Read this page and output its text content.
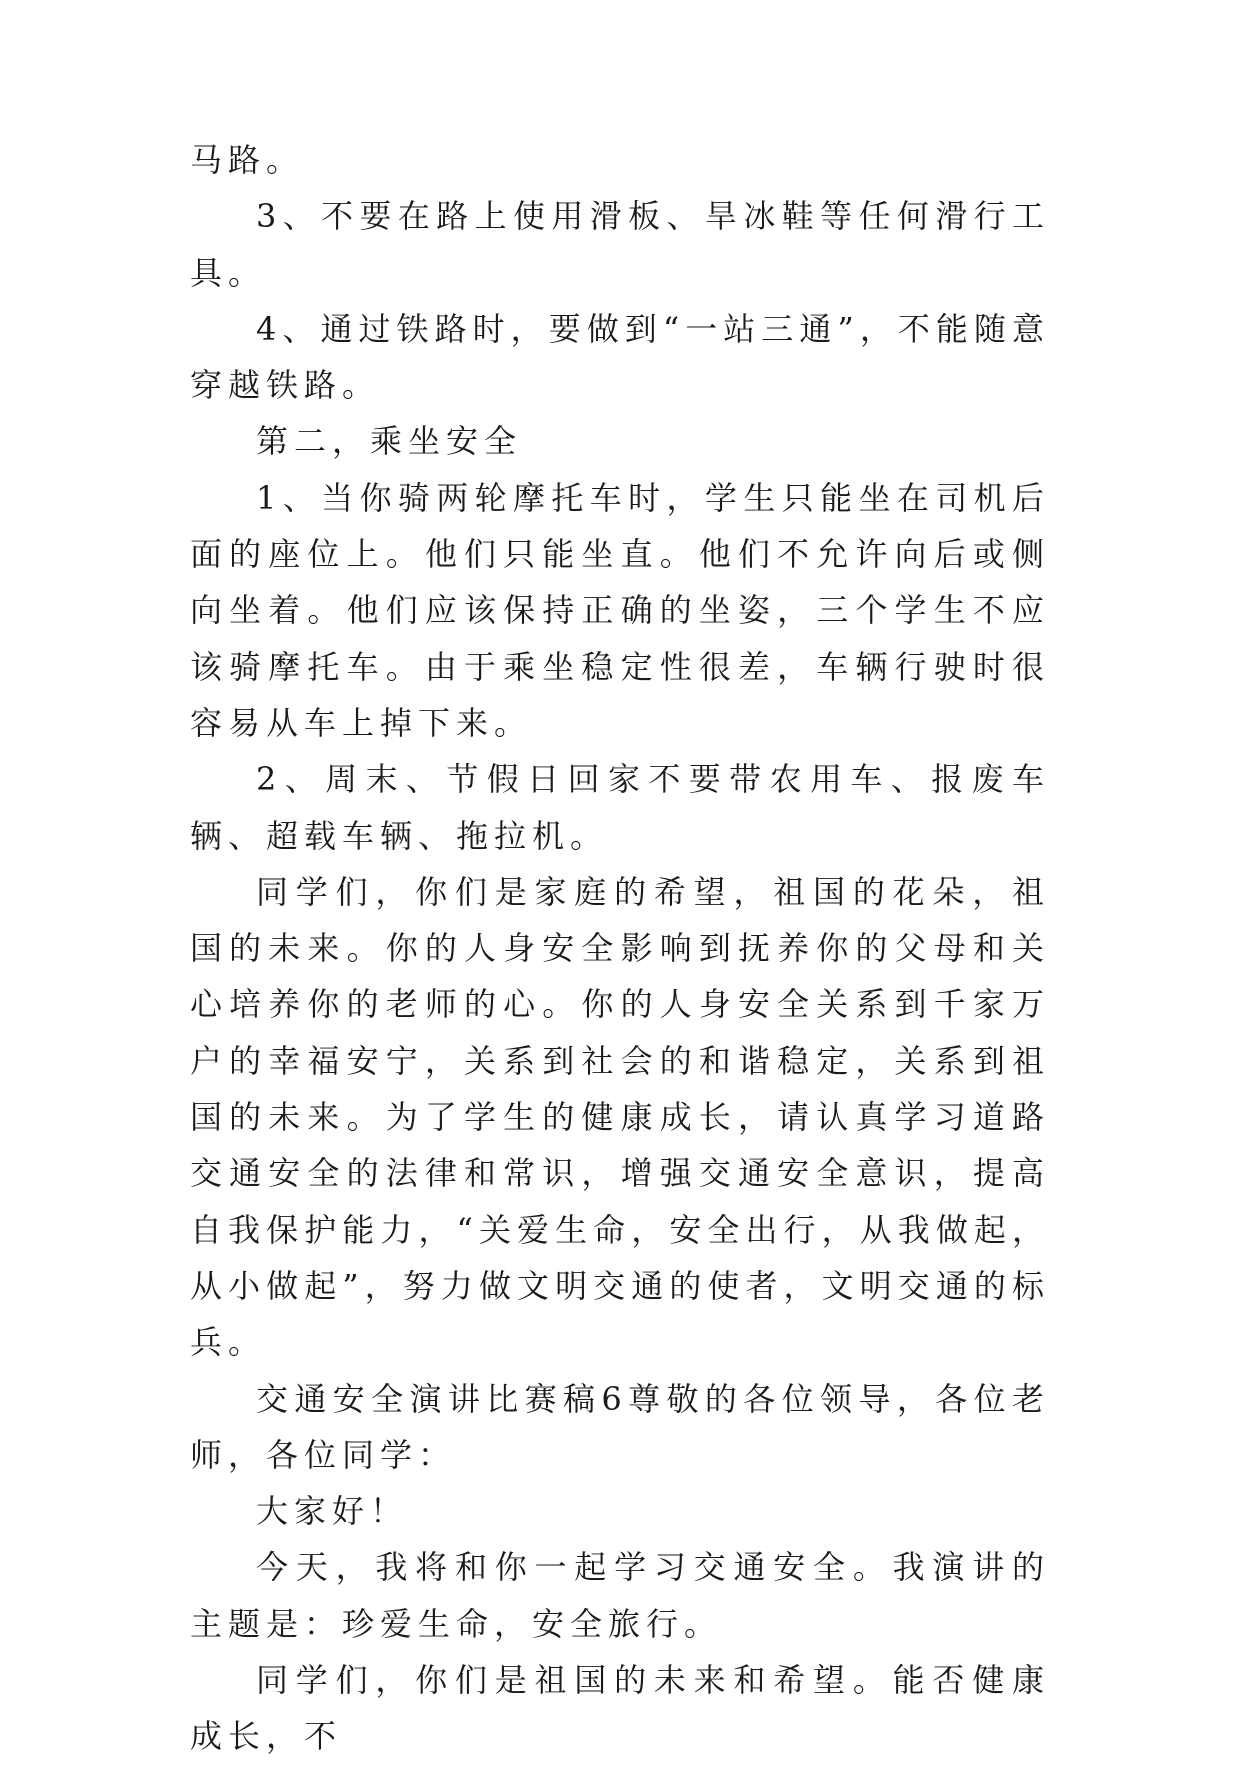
马路。

3、不要在路上使用滑板、旱冰鞋等任何滑行工具。

4、通过铁路时，要做到“一站三通”，不能随意穿越铁路。

第二，乘坐安全

1、当你骑两轮摩托车时，学生只能坐在司机后面的座位上。他们只能坐直。他们不允许向后或侧向坐着。他们应该保持正确的坐姿，三个学生不应该骑摩托车。由于乘坐稳定性很差，车辆行驶时很容易从车上掉下来。

2、周末、节假日回家不要带农用车、报废车辆、超载车辆、拖拉机。

同学们，你们是家庭的希望，祖国的花朵，祖国的未来。你的人身安全影响到抚养你的父母和关心培养你的老师的心。你的人身安全关系到千家万户的幸福安宁，关系到社会的和谐稳定，关系到祖国的未来。为了学生的健康成长，请认真学习道路交通安全的法律和常识，增强交通安全意识，提高自我保护能力，“关爱生命，安全出行，从我做起，从小做起”，努力做文明交通的使者，文明交通的标兵。

交通安全演讲比赛稿6尊敬的各位领导，各位老师，各位同学：

大家好！

今天，我将和你一起学习交通安全。我演讲的主题是：珍爱生命，安全旅行。

同学们，你们是祖国的未来和希望。能否健康成长，不
